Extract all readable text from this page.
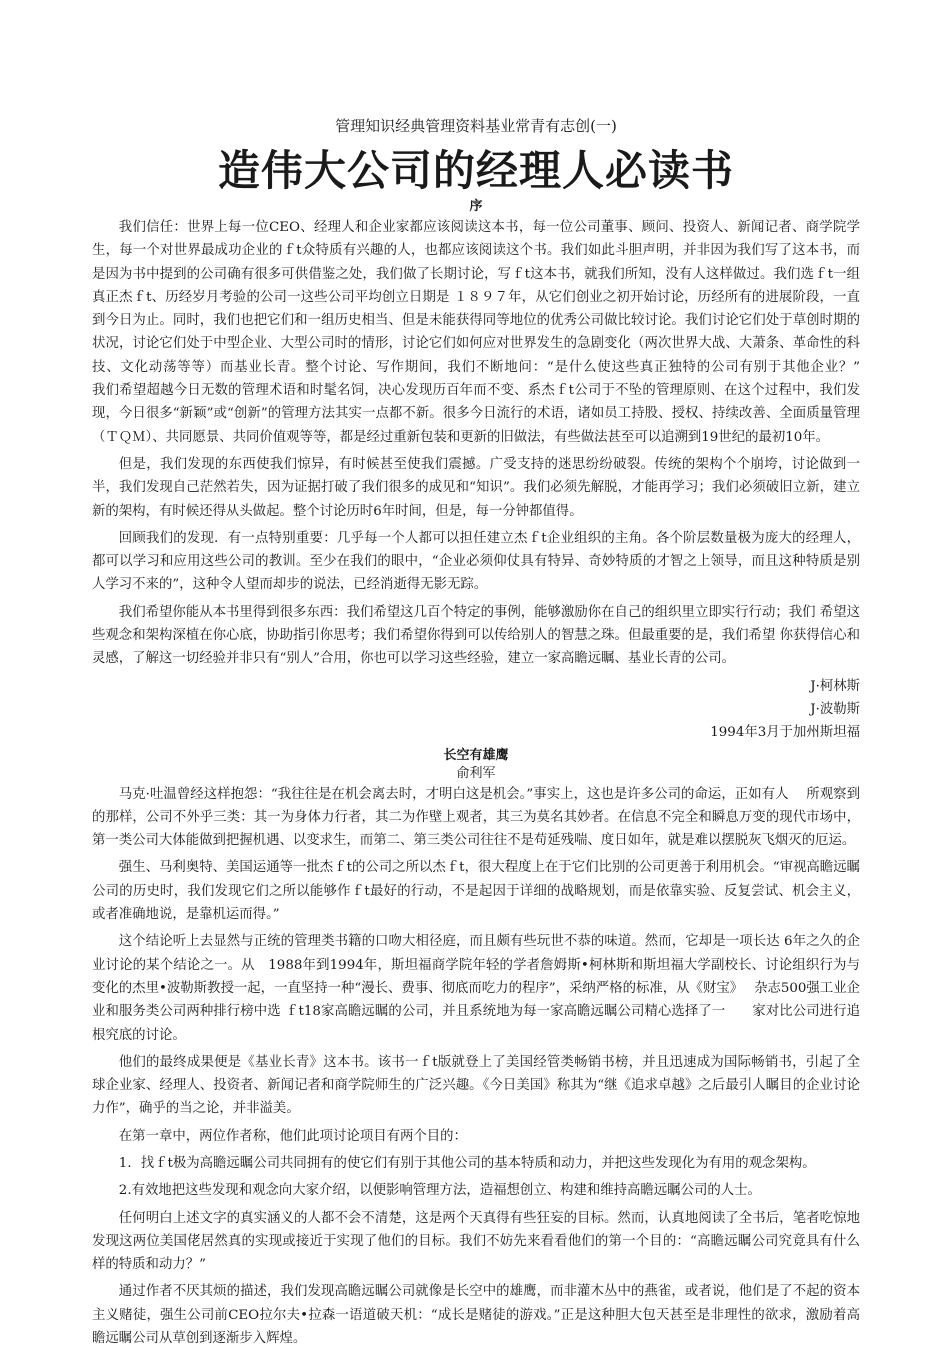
管理知识经典管理资料基业常青有志创(一)

造伟大公司的经理人必读书
序

我们信任：世界上每一位CEO、经理人和企业家都应该阅读这本书，每一位公司董事、顾问、投资人、新闻记者、商学院学生，每一个对世界最成功企业的ｆt众特质有兴趣的人，也都应该阅读这个书。我们如此斗胆声明，并非因为我们写了这本书，而是因为书中提到的公司确有很多可供借鉴之处，我们做了长期讨论，写ｆt这本书，就我们所知，没有人这样做过。我们选ｆt一组真正杰ｆt、历经岁月考验的公司一这些公司平均创立日期是 １８９７年，从它们创业之初开始讨论，历经所有的进展阶段，一直到今日为止。同时，我们也把它们和一组历史相当、但是未能获得同等地位的优秀公司做比较讨论。我们讨论它们处于草创时期的状况，讨论它们处于中型企业、大型公司时的情形，讨论它们如何应对世界发生的急剧变化（两次世界大战、大萧条、革命性的科技、文化动荡等等）而基业长青。整个讨论、写作期间，我们不断地问：“是什么使这些真正独特的公司有别于其他企业？”　　　我们希望超越今日无数的管理术语和时髦名饲，决心发现历百年而不变、系杰ｆt公司于不坠的管理原则、在这个过程中，我们发现，今日很多“新颖”或“创新”的管理方法其实一点都不新。很多今日流行的术语，诸如员工持股、授权、持续改善、全面质量管理（ＴＱＭ）、共同愿景、共同价值观等等，都是经过重新包装和更新的旧做法，有些做法甚至可以追溯到19世纪的最初10年。

但是，我们发现的东西使我们惊异，有时候甚至使我们震撼。广受支持的迷思纷纷破裂。传统的架构个个崩垮，讨论做到一半，我们发现自己茫然若失，因为证据打破了我们很多的成见和“知识”。我们必须先解脱，才能再学习；我们必须破旧立新，建立新的架构，有时候还得从头做起。整个讨论历时6年时间，但是，每一分钟都值得。

回顾我们的发现．有一点特别重要：几乎每一个人都可以担任建立杰ｆt企业组织的主角。各个阶层数量极为庞大的经理人，都可以学习和应用这些公司的教训。至少在我们的眼中，“企业必须仰仗具有特异、奇妙特质的才智之上领导，而且这种特质是别人学习不来的”，这种令人望而却步的说法，已经消逝得无影无踪。

我们希望你能从本书里得到很多东西：我们希望这几百个特定的事例，能够激励你在自己的组织里立即实行行动；我们 希望这些观念和架构深植在你心底，协助指引你思考；我们希望你得到可以传给别人的智慧之珠。但最重要的是，我们希望 你获得信心和灵感，了解这一切经验并非只有“别人”合用，你也可以学习这些经验，建立一家高瞻远瞩、基业长青的公司。

J·柯林斯
J·波勒斯
1994年3月于加州斯坦福
长空有雄鹰
俞利军

马克·吐温曾经这样抱怨：“我往往是在机会离去时，才明白这是机会。”事实上，这也是许多公司的命运，正如有人　 所观察到的那样，公司不外乎三类：其一为身体力行者，其二为作壁上观者，其三为莫名其妙者。在信息不完全和瞬息万变的现代市场中，第一类公司大体能做到把握机遇、以变求生，而第二、第三类公司往往不是苟延残喘、度日如年，就是难以摆脱灰飞烟灭的厄运。

强生、马利奥特、美国运通等一批杰ｆt的公司之所以杰ｆt，很大程度上在于它们比别的公司更善于利用机会。“审视高瞻远瞩公司的历史时，我们发现它们之所以能够作ｆt最好的行动，不是起因于详细的战略规划，而是依靠实验、反复尝试、机会主义，或者准确地说，是靠机运而得。”

这个结论听上去显然与正统的管理类书籍的口吻大相径庭，而且颇有些玩世不恭的味道。然而，它却是一项长达 6年之久的企业讨论的某个结论之一。从　1988年到1994年，斯坦福商学院年轻的学者詹姆斯•柯林斯和斯坦福大学副校长、讨论组织行为与变化的杰里•波勒斯教授一起，一直坚持一种“漫长、费事、彻底而吃力的程序”，采纳严格的标准，从《财宝》　 杂志500强工业企业和服务类公司两种排行榜中选 ｆt18家高瞻远瞩的公司，并且系统地为每一家高瞻远瞩公司精心选择了一　　家对比公司进行追根究底的讨论。

他们的最终成果便是《基业长青》这本书。该书一ｆt版就登上了美国经管类畅销书榜，并且迅速成为国际畅销书，引起了全球企业家、经理人、投资者、新闻记者和商学院师生的广泛兴趣。《今日美国》称其为“继《追求卓越》之后最引人瞩目的企业讨论力作”，确乎的当之论，并非溢美。

在第一章中，两位作者称，他们此项讨论项目有两个目的：

1．找ｆt极为高瞻远瞩公司共同拥有的使它们有别于其他公司的基本特质和动力，并把这些发现化为有用的观念架构。

2.有效地把这些发现和观念向大家介绍，以便影响管理方法，造福想创立、构建和维持高瞻远瞩公司的人士。

任何明白上述文字的真实涵义的人都不会不清楚，这是两个天真得有些狂妄的目标。然而，认真地阅读了全书后，笔者吃惊地发现这两位美国佬居然真的实现或接近于实现了他们的目标。我们不妨先来看看他们的第一个目的：“高瞻远瞩公司究竟具有什么样的特质和动力？”

通过作者不厌其烦的描述，我们发现高瞻远瞩公司就像是长空中的雄鹰，而非灌木丛中的燕雀，或者说，他们是了不起的资本主义赌徒，强生公司前CEO拉尔夫•拉森一语道破天机：“成长是赌徒的游戏。”正是这种胆大包天甚至是非理性的欲求，激励着高瞻远瞩公司从草创到逐渐步入辉煌。
